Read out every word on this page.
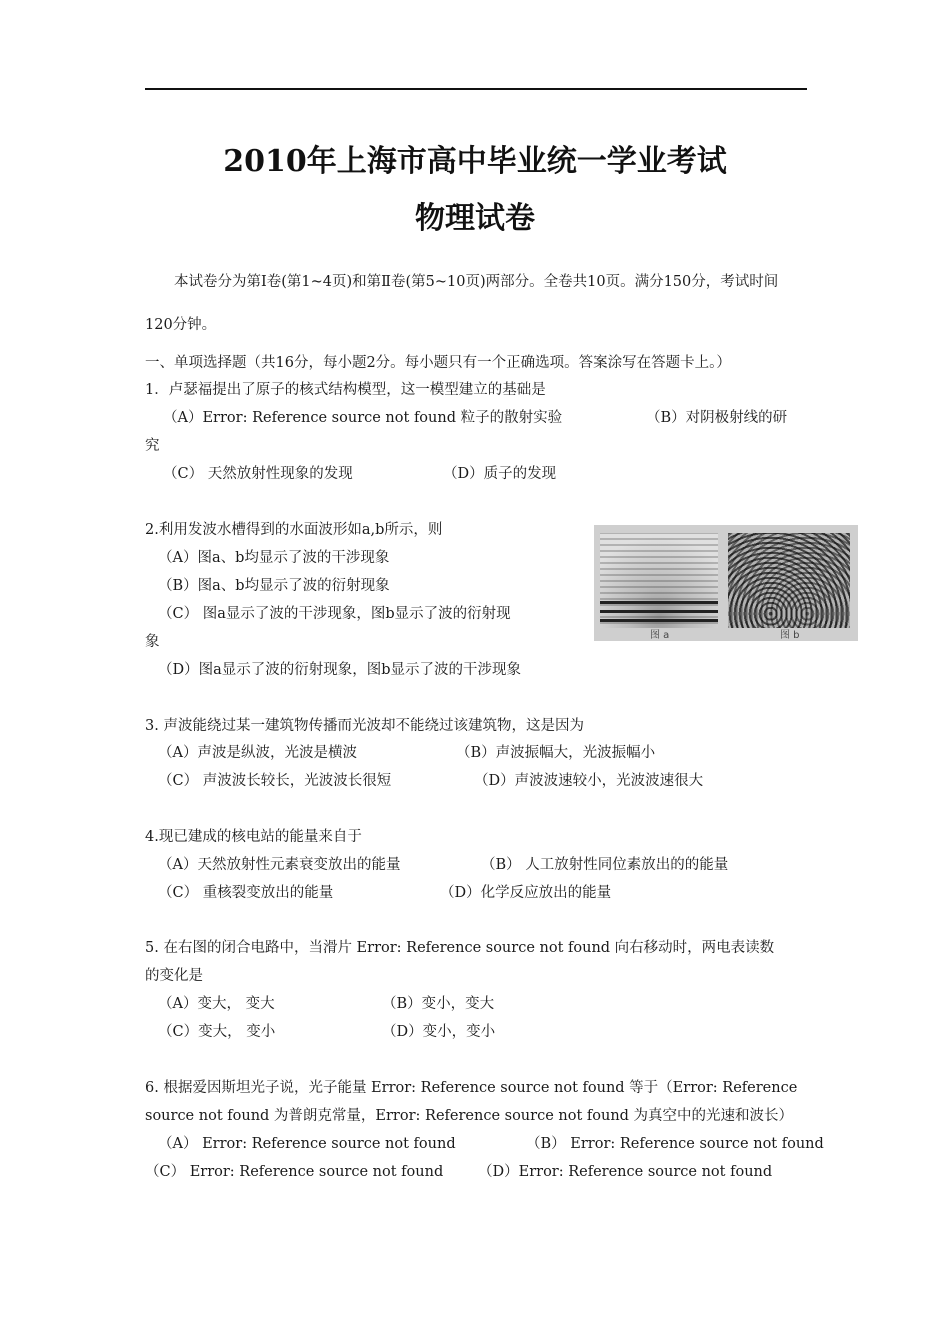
2010年上海市高中毕业统一学业考试
物理试卷
本试卷分为第Ⅰ卷(第1~4页)和第Ⅱ卷(第5~10页)两部分。全卷共10页。满分150分，考试时间
120分钟。
一、单项选择题（共16分，每小题2分。每小题只有一个正确选项。答案涂写在答题卡上。）
1．卢瑟福提出了原子的核式结构模型，这一模型建立的基础是
（A）Error: Reference source not found 粒子的散射实验	（B）对阴极射线的研
究
（C） 天然放射性现象的发现	（D）质子的发现
2.利用发波水槽得到的水面波形如a,b所示，则
（A）图a、b均显示了波的干涉现象
（B）图a、b均显示了波的衍射现象
（C） 图a显示了波的干涉现象，图b显示了波的衍射现
象
（D）图a显示了波的衍射现象，图b显示了波的干涉现象
图 a	图 b
3. 声波能绕过某一建筑物传播而光波却不能绕过该建筑物，这是因为
（A）声波是纵波，光波是横波	（B）声波振幅大，光波振幅小
（C） 声波波长较长，光波波长很短	（D）声波波速较小，光波波速很大
4.现已建成的核电站的能量来自于
（A）天然放射性元素衰变放出的能量	（B） 人工放射性同位素放出的的能量
（C） 重核裂变放出的能量	（D）化学反应放出的能量
5. 在右图的闭合电路中，当滑片 Error: Reference source not found 向右移动时，两电表读数
的变化是
（A）变大， 变大	（B）变小，变大
（C）变大， 变小	（D）变小，变小
6. 根据爱因斯坦光子说，光子能量 Error: Reference source not found 等于（Error: Reference
source not found 为普朗克常量，Error: Reference source not found 为真空中的光速和波长）
（A） Error: Reference source not found	（B） Error: Reference source not found
（C） Error: Reference source not found （D）Error: Reference source not found
